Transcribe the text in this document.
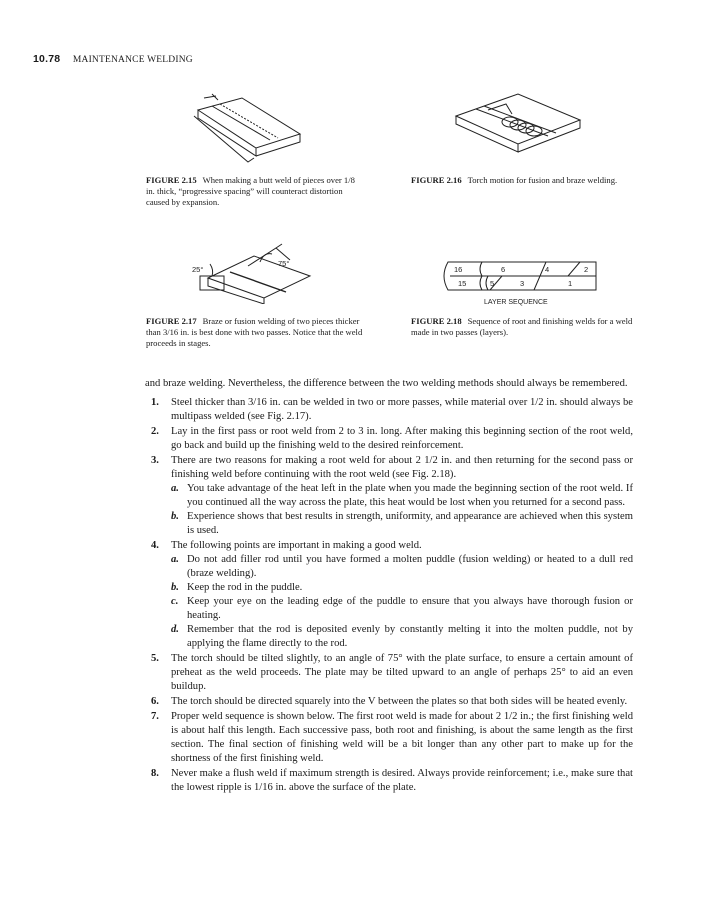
10.78 MAINTENANCE WELDING
FIGURE 2.15 When making a butt weld of pieces over 1/8 in. thick, “progressive spacing” will counteract distortion caused by expansion.
FIGURE 2.16 Torch motion for fusion and braze welding.
25°
75°
16	6	4	2
15	5	3	1
LAYER SEQUENCE
FIGURE 2.17 Braze or fusion welding of two pieces thicker than 3/16 in. is best done with two passes. Notice that the weld proceeds in stages.
FIGURE 2.18 Sequence of root and finishing welds for a weld made in two passes (layers).

and braze welding. Nevertheless, the difference between the two welding methods should always be remembered.

1. Steel thicker than 3/16 in. can be welded in two or more passes, while material over 1/2 in. should always be multipass welded (see Fig. 2.17).
2. Lay in the first pass or root weld from 2 to 3 in. long. After making this beginning section of the root weld, go back and build up the finishing weld to the desired reinforcement.
3. There are two reasons for making a root weld for about 2 1/2 in. and then returning for the second pass or finishing weld before continuing with the root weld (see Fig. 2.18).
a. You take advantage of the heat left in the plate when you made the beginning section of the root weld. If you continued all the way across the plate, this heat would be lost when you returned for a second pass.
b. Experience shows that best results in strength, uniformity, and appearance are achieved when this system is used.
4. The following points are important in making a good weld.
a. Do not add filler rod until you have formed a molten puddle (fusion welding) or heated to a dull red (braze welding).
b. Keep the rod in the puddle.
c. Keep your eye on the leading edge of the puddle to ensure that you always have thorough fusion or heating.
d. Remember that the rod is deposited evenly by constantly melting it into the molten puddle, not by applying the flame directly to the rod.
5. The torch should be tilted slightly, to an angle of 75° with the plate surface, to ensure a certain amount of preheat as the weld proceeds. The plate may be tilted upward to an angle of perhaps 25° to aid an even buildup.
6. The torch should be directed squarely into the V between the plates so that both sides will be heated evenly.
7. Proper weld sequence is shown below. The first root weld is made for about 2 1/2 in.; the first finishing weld is about half this length. Each successive pass, both root and finishing, is about the same length as the first section. The final section of finishing weld will be a bit longer than any other part to make up for the shortness of the first finishing weld.
8. Never make a flush weld if maximum strength is desired. Always provide reinforcement; i.e., make sure that the lowest ripple is 1/16 in. above the surface of the plate.
